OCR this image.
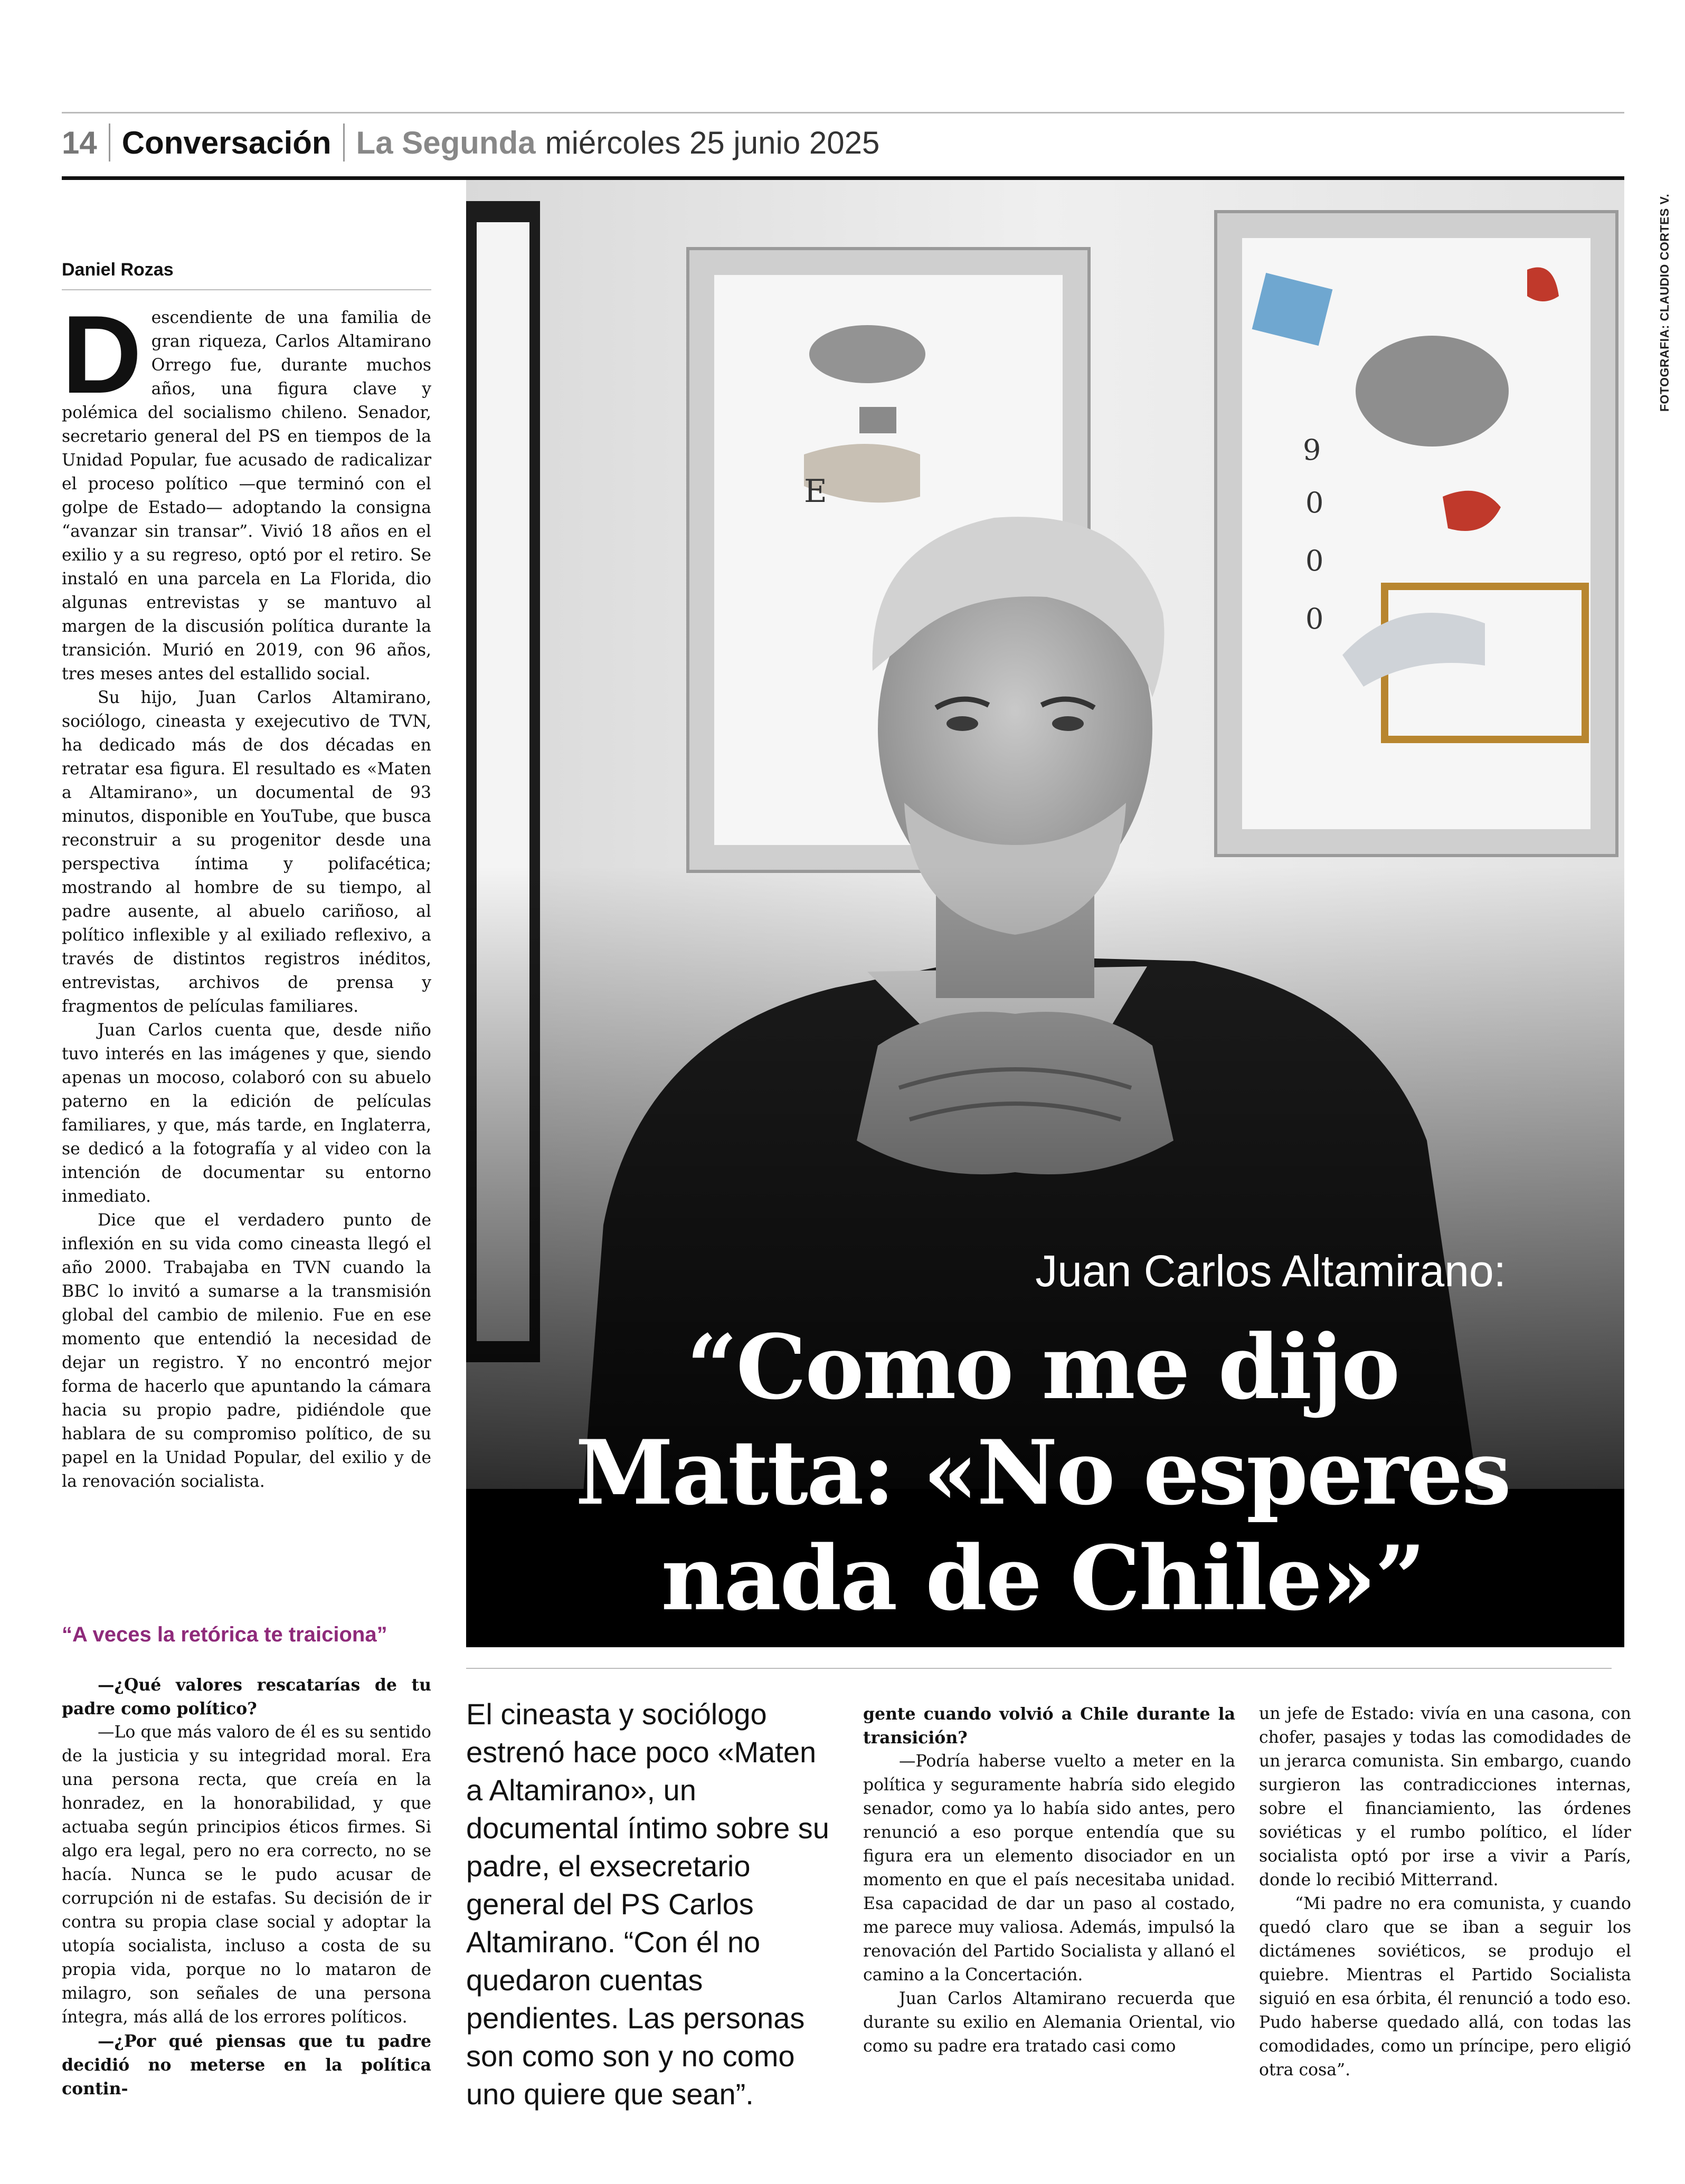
14 Conversación La Segunda miércoles 25 junio 2025
Daniel Rozas

Descendiente de una familia de gran riqueza, Carlos Altamirano Orrego fue, durante muchos años, una figura clave y polémica del socialismo chileno. Senador, secretario general del PS en tiempos de la Unidad Popular, fue acusado de radicalizar el proceso político —que terminó con el golpe de Estado— adoptando la consigna “avanzar sin transar”. Vivió 18 años en el exilio y a su regreso, optó por el retiro. Se instaló en una parcela en La Florida, dio algunas entrevistas y se mantuvo al margen de la discusión política durante la transición. Murió en 2019, con 96 años, tres meses antes del estallido social.

Su hijo, Juan Carlos Altamirano, sociólogo, cineasta y exejecutivo de TVN, ha dedicado más de dos décadas en retratar esa figura. El resultado es «Maten a Altamirano», un documental de 93 minutos, disponible en YouTube, que busca reconstruir a su progenitor desde una perspectiva íntima y polifacética; mostrando al hombre de su tiempo, al padre ausente, al abuelo cariñoso, al político inflexible y al exiliado reflexivo, a través de distintos registros inéditos, entrevistas, archivos de prensa y fragmentos de películas familiares.

Juan Carlos cuenta que, desde niño tuvo interés en las imágenes y que, siendo apenas un mocoso, colaboró con su abuelo paterno en la edición de películas familiares, y que, más tarde, en Inglaterra, se dedicó a la fotografía y al video con la intención de documentar su entorno inmediato.

Dice que el verdadero punto de inflexión en su vida como cineasta llegó el año 2000. Trabajaba en TVN cuando la BBC lo invitó a sumarse a la transmisión global del cambio de milenio. Fue en ese momento que entendió la necesidad de dejar un registro. Y no encontró mejor forma de hacerlo que apuntando la cámara hacia su propio padre, pidiéndole que hablara de su compromiso político, de su papel en la Unidad Popular, del exilio y de la renovación socialista.

“A veces la retórica te traiciona”

—¿Qué valores rescatarías de tu padre como político?

—Lo que más valoro de él es su sentido de la justicia y su integridad moral. Era una persona recta, que creía en la honradez, en la honorabilidad, y que actuaba según principios éticos firmes. Si algo era legal, pero no era correcto, no se hacía. Nunca se le pudo acusar de corrupción ni de estafas. Su decisión de ir contra su propia clase social y adoptar la utopía socialista, incluso a costa de su propia vida, porque no lo mataron de milagro, son señales de una persona íntegra, más allá de los errores políticos.

—¿Por qué piensas que tu padre decidió no meterse en la política contin-

E
9
0
0
0
FOTOGRAFIA: CLAUDIO CORTES V.
Juan Carlos Altamirano:
“Como me dijo Matta: «No esperes nada de Chile»”
El cineasta y sociólogo estrenó hace poco «Maten a Altamirano», un documental íntimo sobre su padre, el exsecretario general del PS Carlos Altamirano. “Con él no quedaron cuentas pendientes. Las personas son como son y no como uno quiere que sean”.

gente cuando volvió a Chile durante la transición?

—Podría haberse vuelto a meter en la política y seguramente habría sido elegido senador, como ya lo había sido antes, pero renunció a eso porque entendía que su figura era un elemento disociador en un momento en que el país necesitaba unidad. Esa capacidad de dar un paso al costado, me parece muy valiosa. Además, impulsó la renovación del Partido Socialista y allanó el camino a la Concertación.

Juan Carlos Altamirano recuerda que durante su exilio en Alemania Oriental, vio como su padre era tratado casi como

un jefe de Estado: vivía en una casona, con chofer, pasajes y todas las comodidades de un jerarca comunista. Sin embargo, cuando surgieron las contradicciones internas, sobre el financiamiento, las órdenes soviéticas y el rumbo político, el líder socialista optó por irse a vivir a París, donde lo recibió Mitterrand.

“Mi padre no era comunista, y cuando quedó claro que se iban a seguir los dictámenes soviéticos, se produjo el quiebre. Mientras el Partido Socialista siguió en esa órbita, él renunció a todo eso. Pudo haberse quedado allá, con todas las comodidades, como un príncipe, pero eligió otra cosa”.
